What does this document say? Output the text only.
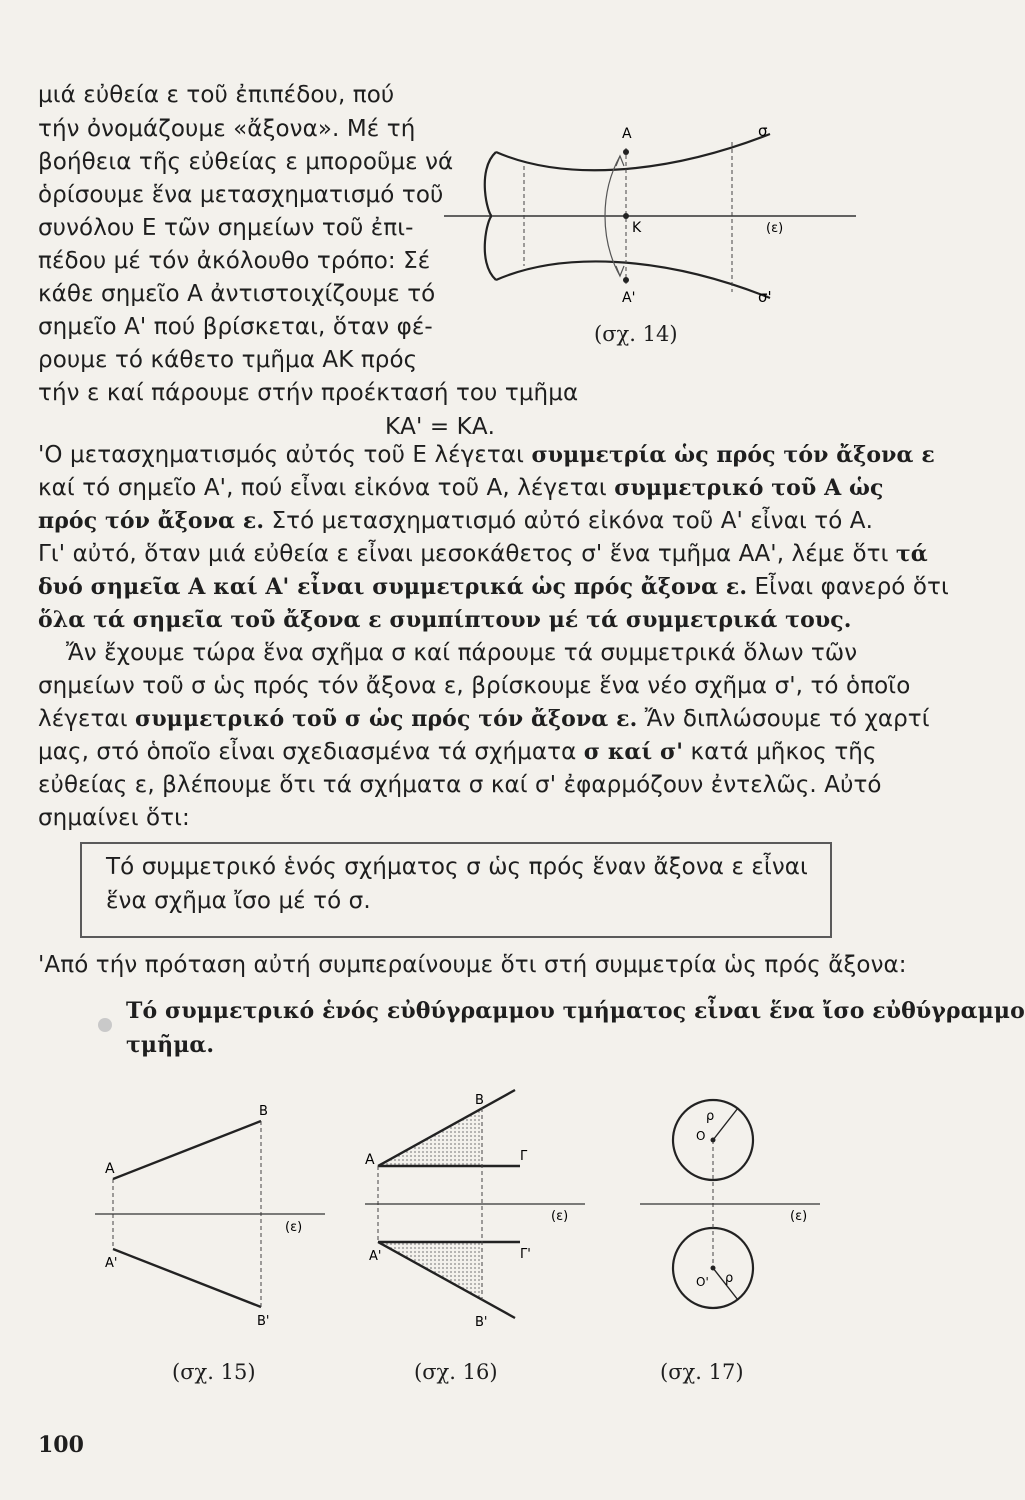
μιά εὐθεία ε τοῦ ἐπιπέδου, πού

τήν ὀνομάζουμε «ἄξονα». Μέ τή

βοήθεια τῆς εὐθείας ε μποροῦμε νά

ὁρίσουμε ἕνα μετασχηματισμό τοῦ

συνόλου Ε τῶν σημείων τοῦ ἐπι-

πέδου μέ τόν ἀκόλουθο τρόπο: Σέ

κάθε σημεῖο Α ἀντιστοιχίζουμε τό

σημεῖο Α' πού βρίσκεται, ὅταν φέ-

ρουμε τό κάθετο τμῆμα ΑΚ πρός

τήν ε καί πάρουμε στήν προέκτασή του τμῆμα

ΚΑ' = ΚΑ.

Α
Κ
Α'
σ
σ'
(ε)

(σχ. 14)

'Ο μετασχηματισμός αὐτός τοῦ Ε λέγεται συμμετρία ὡς πρός τόν ἄξονα ε

καί τό σημεῖο Α', πού εἶναι εἰκόνα τοῦ Α, λέγεται συμμετρικό τοῦ Α ὡς

πρός τόν ἄξονα ε. Στό μετασχηματισμό αὐτό εἰκόνα τοῦ Α' εἶναι τό Α.

Γι' αὐτό, ὅταν μιά εὐθεία ε εἶναι μεσοκάθετος σ' ἕνα τμῆμα ΑΑ', λέμε ὅτι τά

δυό σημεῖα Α καί Α' εἶναι συμμετρικά ὡς πρός ἄξονα ε. Εἶναι φανερό ὅτι

ὅλα τά σημεῖα τοῦ ἄξονα ε συμπίπτουν μέ τά συμμετρικά τους.

Ἄν ἔχουμε τώρα ἕνα σχῆμα σ καί πάρουμε τά συμμετρικά ὅλων τῶν

σημείων τοῦ σ ὡς πρός τόν ἄξονα ε, βρίσκουμε ἕνα νέο σχῆμα σ', τό ὁποῖο

λέγεται συμμετρικό τοῦ σ ὡς πρός τόν ἄξονα ε. Ἄν διπλώσουμε τό χαρτί

μας, στό ὁποῖο εἶναι σχεδιασμένα τά σχήματα σ καί σ' κατά μῆκος τῆς

εὐθείας ε, βλέπουμε ὅτι τά σχήματα σ καί σ' ἐφαρμόζουν ἐντελῶς. Αὐτό

σημαίνει ὅτι:

Τό συμμετρικό ἑνός σχήματος σ ὡς πρός ἕναν ἄξονα ε εἶναι

ἕνα σχῆμα ἴσο μέ τό σ.

'Από τήν πρόταση αὐτή συμπεραίνουμε ὅτι στή συμμετρία ὡς πρός ἄξονα:

Τό συμμετρικό ἑνός εὐθύγραμμου τμήματος εἶναι ἕνα ἴσο εὐθύγραμμο

τμῆμα.

Α
Β
Α'
Β'
(ε)

(σχ. 15)

Α
Β
Γ
Α'
Β'
Γ'
(ε)

(σχ. 16)

ρ
Ο
Ο' ρ
(ε)

(σχ. 17)

100
